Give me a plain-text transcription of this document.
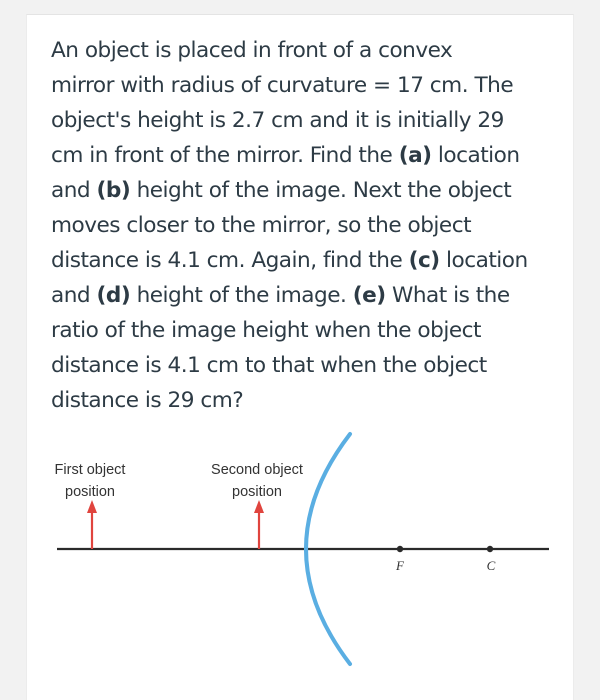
An object is placed in front of a convex
mirror with radius of curvature = 17 cm. The
object's height is 2.7 cm and it is initially 29
cm in front of the mirror. Find the (a) location
and (b) height of the image. Next the object
moves closer to the mirror, so the object
distance is 4.1 cm. Again, find the (c) location
and (d) height of the image. (e) What is the
ratio of the image height when the object
distance is 4.1 cm to that when the object
distance is 29 cm?

First object
position
Second object
position
F	C
